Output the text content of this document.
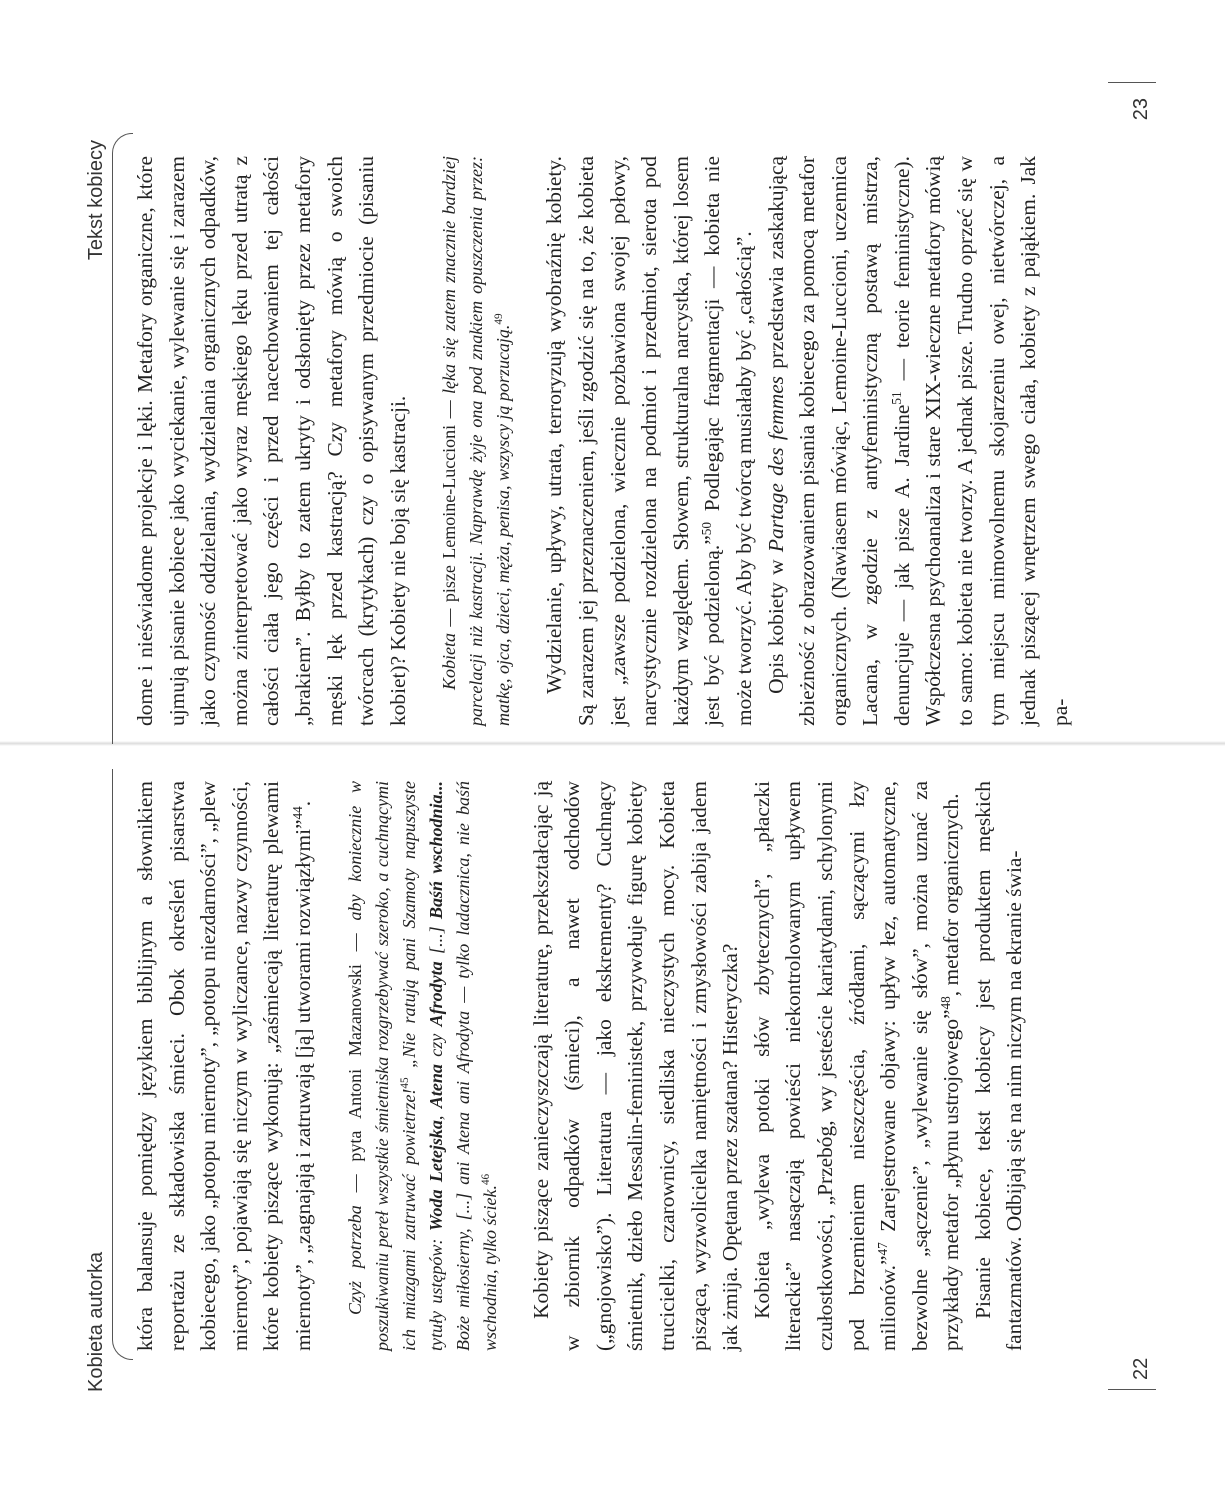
Kobieta autorka która balansuje pomiędzy językiem biblijnym a słownikiem reportażu ze składowiska śmieci. Obok określeń pisarstwa kobiecego, jako „potopu miernoty”, „potopu niezdarności”, „plew miernoty”, pojawiają się niczym w wyliczance, nazwy czynności, które kobiety piszące wykonują: „zaśmiecają literaturę plewami miernoty”, „zagnajają i zatruwają [ją] utworami rozwiązłymi”$^{44}$.

Czyż potrzeba — pyta Antoni Mazanowski — aby koniecznie w poszukiwaniu pereł wszystkie śmietniska rozgrzebywać szeroko, a cuchnącymi ich miazgami zatruwać powietrze!$^{45}$ „Nie ratują pani Szamoty napuszyste tytuły ustępów: Woda Letejska, Atena czy Afrodyta [...] Baśń wschodnia... Boże miłosierny, [...] ani Atena ani Afrodyta — tylko ladacznica, nie baśń wschodnia, tylko ściek.$^{46}$	Kobiety piszące zanieczyszczają literaturę, przekształcając ją w zbiornik odpadków (śmieci), a nawet odchodów („gnojowisko”). Literatura — jako ekskrementy? Cuchnący śmietnik, dzieło Messalin-feministek, przywołuje figurę kobiety trucicielki, czarownicy, siedliska nieczystych mocy. Kobieta pisząca, wyzwolicielka namiętności i zmysłowości zabija jadem jak żmija. Opętana przez szatana? Histeryczka? Kobieta „wylewa potoki słów zbytecznych”, „płaczki literackie” nasączają powieści niekontrolowanym upływem czułostkowości, „Przebóg, wy jesteście kariatydami, schylonymi pod brzemieniem nieszczęścia, źródłami, sączącymi łzy milionów.”$^{47}$ Zarejestrowane objawy: upływ łez, automatyczne, bezwolne „sączenie”, „wylewanie się słów”, można uznać za przykłady metafor „płynu ustrojowego”$^{48}$, metafor organicznych. Pisanie kobiece, tekst kobiecy jest produktem męskich fantazmatów. Odbijają się na nim niczym na ekranie świa-

22
Tekst kobiecy dome i nieświadome projekcje i lęki. Metafory organiczne, które ujmują pisanie kobiece jako wyciekanie, wylewanie się i zarazem jako czynność oddzielania, wydzielania organicznych odpadków, można zinterpretować jako wyraz męskiego lęku przed utratą z całości ciała jego części i przed nacechowaniem tej całości „brakiem”. Byłby to zatem ukryty i odsłonięty przez metafory męski lęk przed kastracją? Czy metafory mówią o swoich twórcach (krytykach) czy o opisywanym przedmiocie (pisaniu kobiet)? Kobiety nie boją się kastracji. Kobieta — pisze Lemoine-Luccioni — lęka się zatem znacznie bardziej parcelacji niż kastracji. Naprawdę żyje ona pod znakiem opuszczenia przez: matkę, ojca, dzieci, męża, penisa, wszyscy ją porzucają.$^{49}$	Wydzielanie, upływy, utrata, terroryzują wyobraźnię kobiety. Są zarazem jej przeznaczeniem, jeśli zgodzić się na to, że kobieta jest „zawsze podzielona, wiecznie pozbawiona swojej połowy, narcystycznie rozdzielona na podmiot i przedmiot, sierota pod każdym względem. Słowem, strukturalna narcystka, której losem jest być podzieloną.”$^{50}$ Podlegając fragmentacji — kobieta nie może tworzyć. Aby być twórcą musiałaby być „całością”. Opis kobiety w Partage des femmes przedstawia zaskakującą zbieżność z obrazowaniem pisania kobiecego za pomocą metafor organicznych. (Nawiasem mówiąc, Lemoine-Luccioni, uczennica Lacana, w zgodzie z antyfeministyczną postawą mistrza, denuncjuje — jak pisze A. Jardine$^{51}$ — teorie feministyczne). Współczesna psychoanaliza i stare XIX-wieczne metafory mówią to samo: kobieta nie tworzy. A jednak pisze. Trudno oprzeć się w tym miejscu mimowolnemu skojarzeniu owej, nietwórczej, a jednak piszącej wnętrzem swego ciała, kobiety z pająkiem. Jak pa-

23
